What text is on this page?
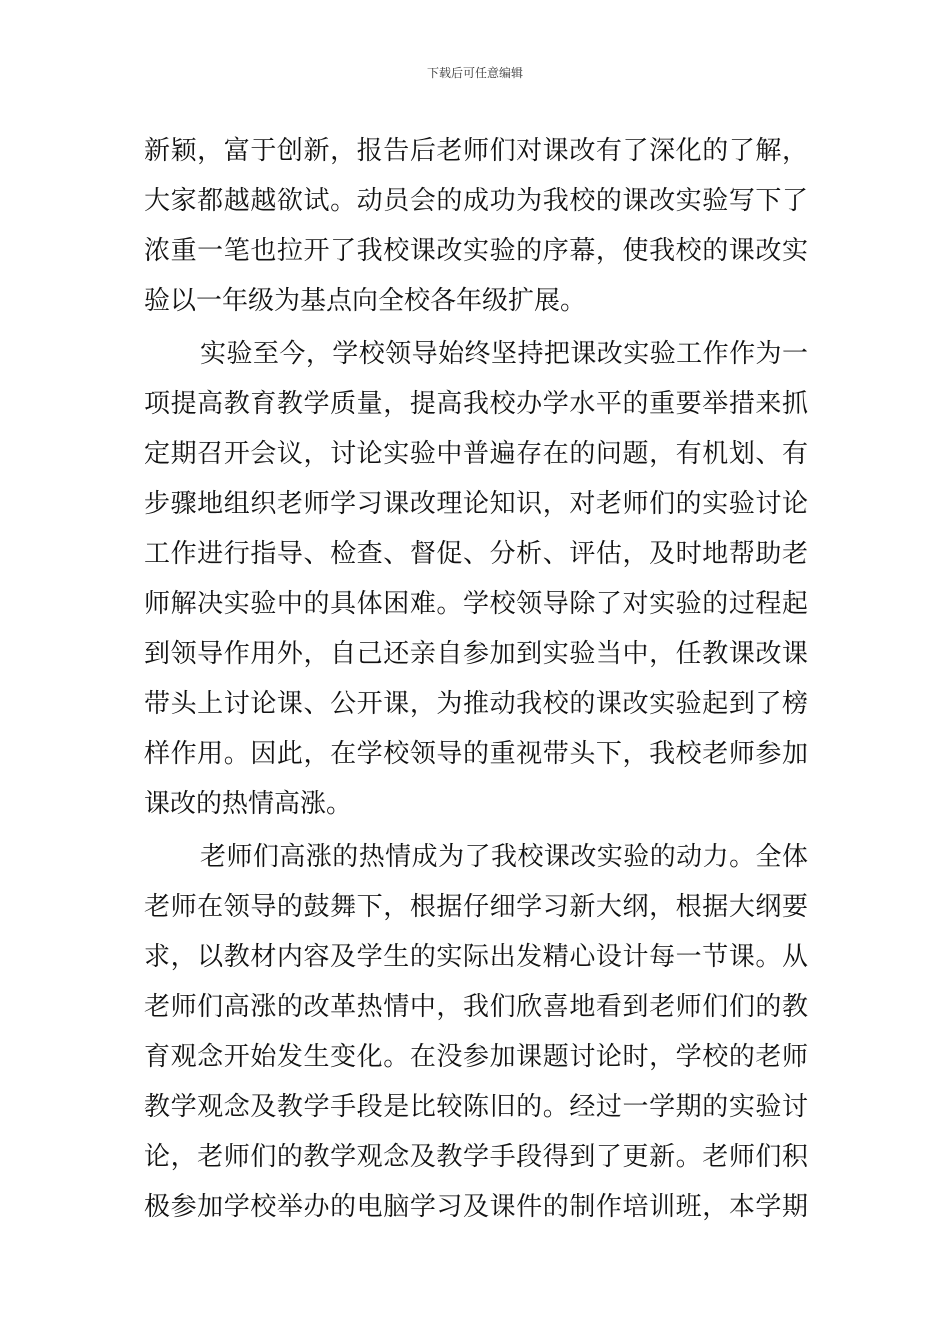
下载后可任意编辑
新颖，富于创新，报告后老师们对课改有了深化的了解，
大家都越越欲试。动员会的成功为我校的课改实验写下了
浓重一笔也拉开了我校课改实验的序幕，使我校的课改实
验以一年级为基点向全校各年级扩展。
实验至今，学校领导始终坚持把课改实验工作作为一
项提高教育教学质量，提高我校办学水平的重要举措来抓
定期召开会议，讨论实验中普遍存在的问题，有机划、有
步骤地组织老师学习课改理论知识，对老师们的实验讨论
工作进行指导、检查、督促、分析、评估，及时地帮助老
师解决实验中的具体困难。学校领导除了对实验的过程起
到领导作用外，自己还亲自参加到实验当中，任教课改课
带头上讨论课、公开课，为推动我校的课改实验起到了榜
样作用。因此，在学校领导的重视带头下，我校老师参加
课改的热情高涨。
老师们高涨的热情成为了我校课改实验的动力。全体
老师在领导的鼓舞下，根据仔细学习新大纲，根据大纲要
求，以教材内容及学生的实际出发精心设计每一节课。从
老师们高涨的改革热情中，我们欣喜地看到老师们们的教
育观念开始发生变化。在没参加课题讨论时，学校的老师
教学观念及教学手段是比较陈旧的。经过一学期的实验讨
论，老师们的教学观念及教学手段得到了更新。老师们积
极参加学校举办的电脑学习及课件的制作培训班，本学期
